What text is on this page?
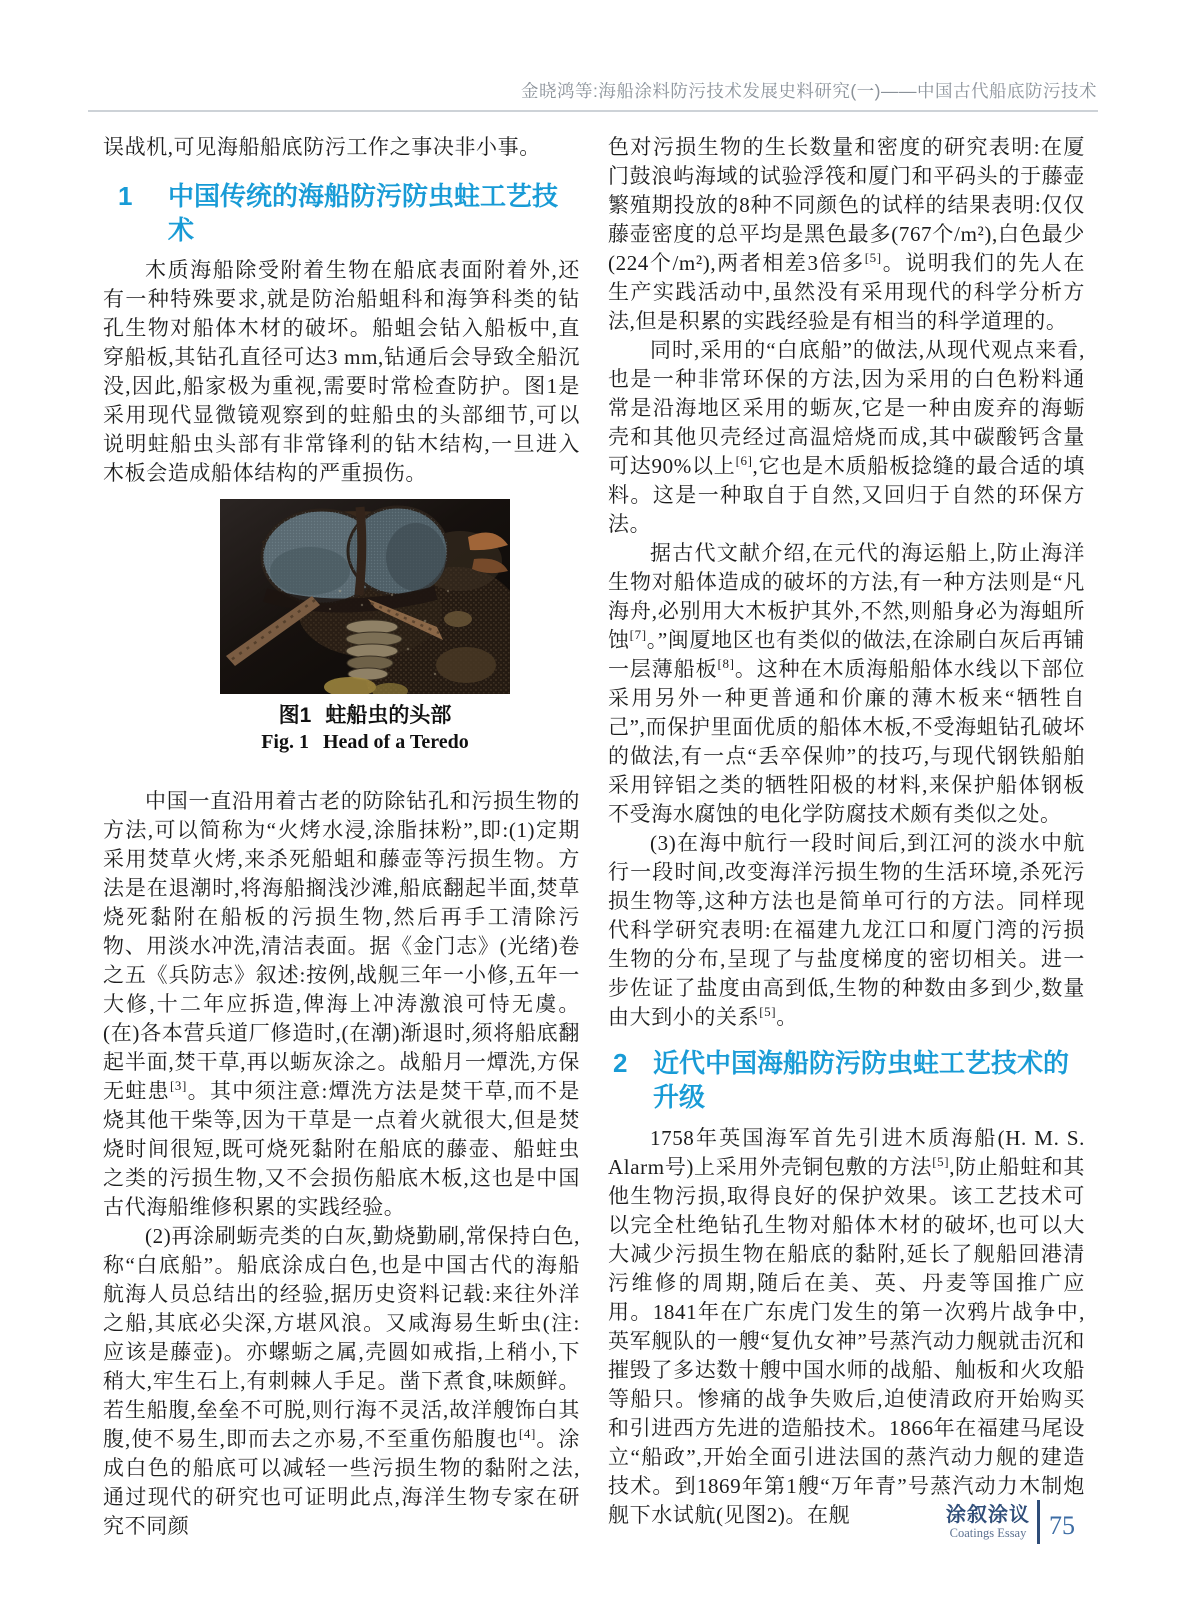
金晓鸿等:海船涂料防污技术发展史料研究(一)——中国古代船底防污技术

误战机,可见海船船底防污工作之事决非小事。

1	中国传统的海船防污防虫蛀工艺技术

木质海船除受附着生物在船底表面附着外,还有一种特殊要求,就是防治船蛆科和海笋科类的钻孔生物对船体木材的破坏。船蛆会钻入船板中,直穿船板,其钻孔直径可达3 mm,钻通后会导致全船沉没,因此,船家极为重视,需要时常检查防护。图1是采用现代显微镜观察到的蛀船虫的头部细节,可以说明蛀船虫头部有非常锋利的钻木结构,一旦进入木板会造成船体结构的严重损伤。

图1 蛀船虫的头部
Fig. 1 Head of a Teredo

中国一直沿用着古老的防除钻孔和污损生物的方法,可以简称为“火烤水浸,涂脂抹粉”,即:(1)定期采用焚草火烤,来杀死船蛆和藤壶等污损生物。方法是在退潮时,将海船搁浅沙滩,船底翻起半面,焚草烧死黏附在船板的污损生物,然后再手工清除污物、用淡水冲洗,清洁表面。据《金门志》(光绪)卷之五《兵防志》叙述:按例,战舰三年一小修,五年一大修,十二年应拆造,俾海上冲涛激浪可恃无虞。(在)各本营兵道厂修造时,(在潮)渐退时,须将船底翻起半面,焚干草,再以蛎灰涂之。战船月一燂洗,方保无蛀患[3]。其中须注意:燂洗方法是焚干草,而不是烧其他干柴等,因为干草是一点着火就很大,但是焚烧时间很短,既可烧死黏附在船底的藤壶、船蛀虫之类的污损生物,又不会损伤船底木板,这也是中国古代海船维修积累的实践经验。

(2)再涂刷蛎壳类的白灰,勤烧勤刷,常保持白色,称“白底船”。船底涂成白色,也是中国古代的海船航海人员总结出的经验,据历史资料记载:来往外洋之船,其底必尖深,方堪风浪。又咸海易生蚚虫(注:应该是藤壶)。亦螺蛎之属,壳圆如戒指,上稍小,下稍大,牢生石上,有刺棘人手足。凿下煮食,味颇鲜。若生船腹,垒垒不可脱,则行海不灵活,故洋艘饰白其腹,使不易生,即而去之亦易,不至重伤船腹也[4]。涂成白色的船底可以减轻一些污损生物的黏附之法,通过现代的研究也可证明此点,海洋生物专家在研究不同颜

色对污损生物的生长数量和密度的研究表明:在厦门鼓浪屿海域的试验浮筏和厦门和平码头的于藤壶繁殖期投放的8种不同颜色的试样的结果表明:仅仅藤壶密度的总平均是黑色最多(767个/m²),白色最少(224个/m²),两者相差3倍多[5]。说明我们的先人在生产实践活动中,虽然没有采用现代的科学分析方法,但是积累的实践经验是有相当的科学道理的。

同时,采用的“白底船”的做法,从现代观点来看,也是一种非常环保的方法,因为采用的白色粉料通常是沿海地区采用的蛎灰,它是一种由废弃的海蛎壳和其他贝壳经过高温焙烧而成,其中碳酸钙含量可达90%以上[6],它也是木质船板捻缝的最合适的填料。这是一种取自于自然,又回归于自然的环保方法。

据古代文献介绍,在元代的海运船上,防止海洋生物对船体造成的破坏的方法,有一种方法则是“凡海舟,必别用大木板护其外,不然,则船身必为海蛆所蚀[7]。”闽厦地区也有类似的做法,在涂刷白灰后再铺一层薄船板[8]。这种在木质海船船体水线以下部位采用另外一种更普通和价廉的薄木板来“牺牲自己”,而保护里面优质的船体木板,不受海蛆钻孔破坏的做法,有一点“丢卒保帅”的技巧,与现代钢铁船舶采用锌铝之类的牺牲阳极的材料,来保护船体钢板不受海水腐蚀的电化学防腐技术颇有类似之处。

(3)在海中航行一段时间后,到江河的淡水中航行一段时间,改变海洋污损生物的生活环境,杀死污损生物等,这种方法也是简单可行的方法。同样现代科学研究表明:在福建九龙江口和厦门湾的污损生物的分布,呈现了与盐度梯度的密切相关。进一步佐证了盐度由高到低,生物的种数由多到少,数量由大到小的关系[5]。

2 近代中国海船防污防虫蛀工艺技术的升级

1758年英国海军首先引进木质海船(H. M. S. Alarm号)上采用外壳铜包敷的方法[5],防止船蛀和其他生物污损,取得良好的保护效果。该工艺技术可以完全杜绝钻孔生物对船体木材的破坏,也可以大大减少污损生物在船底的黏附,延长了舰船回港清污维修的周期,随后在美、英、丹麦等国推广应用。1841年在广东虎门发生的第一次鸦片战争中,英军舰队的一艘“复仇女神”号蒸汽动力舰就击沉和摧毁了多达数十艘中国水师的战船、舢板和火攻船等船只。惨痛的战争失败后,迫使清政府开始购买和引进西方先进的造船技术。1866年在福建马尾设立“船政”,开始全面引进法国的蒸汽动力舰的建造技术。到1869年第1艘“万年青”号蒸汽动力木制炮舰下水试航(见图2)。在舰	涂叙涂议
Coatings Essay 75
